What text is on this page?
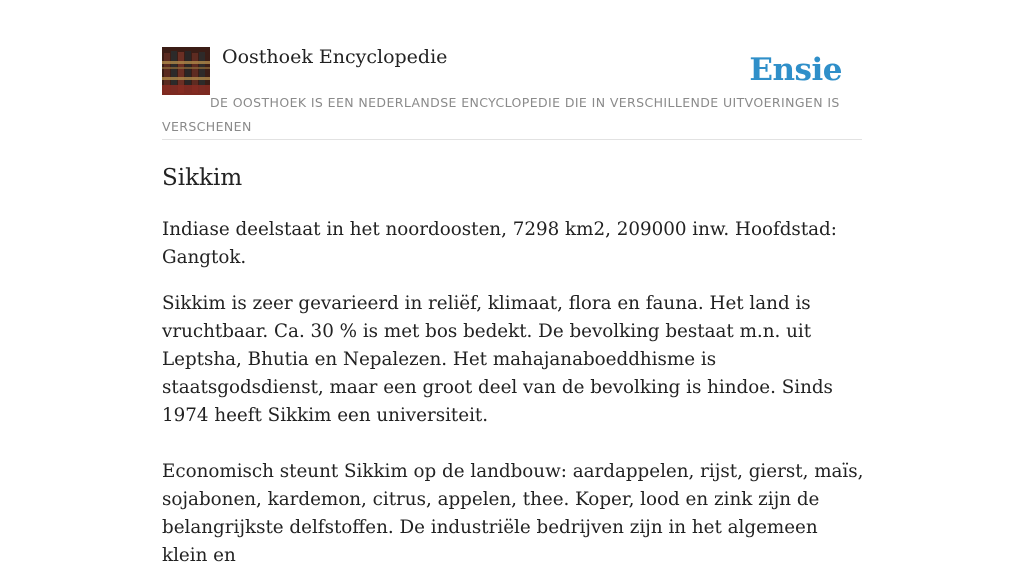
Oosthoek Encyclopedie	Ensie
DE OOSTHOEK IS EEN NEDERLANDSE ENCYCLOPEDIE DIE IN VERSCHILLENDE UITVOERINGEN IS VERSCHENEN
Sikkim

Indiase deelstaat in het noordoosten, 7298 km2, 209000 inw. Hoofdstad: Gangtok.

Sikkim is zeer gevarieerd in reliëf, klimaat, flora en fauna. Het land is vruchtbaar. Ca. 30 % is met bos bedekt. De bevolking bestaat m.n. uit Leptsha, Bhutia en Nepalezen. Het mahajanaboeddhisme is staatsgodsdienst, maar een groot deel van de bevolking is hindoe. Sinds 1974 heeft Sikkim een universiteit.

Economisch steunt Sikkim op de landbouw: aardappelen, rijst, gierst, maïs, sojabonen, kardemon, citrus, appelen, thee. Koper, lood en zink zijn de belangrijkste delfstoffen. De industriële bedrijven zijn in het algemeen klein en
